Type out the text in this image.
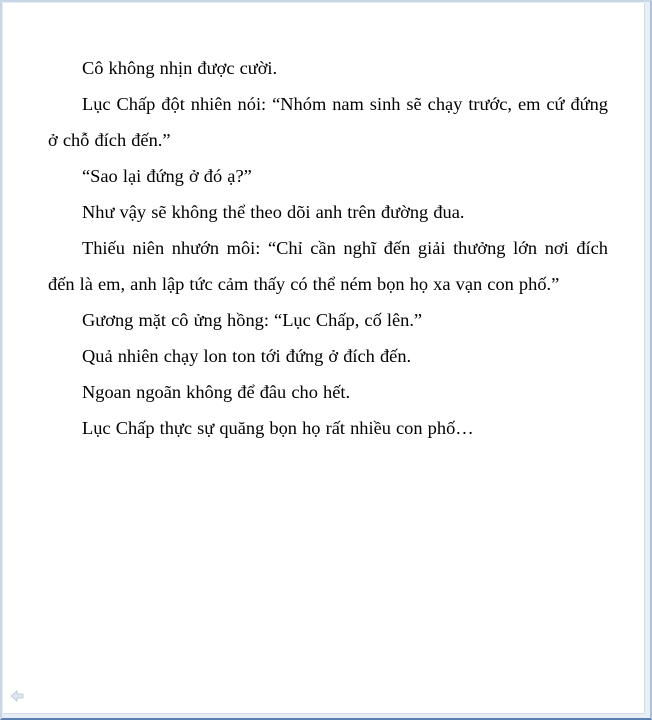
Cô không nhịn được cười.

Lục Chấp đột nhiên nói: “Nhóm nam sinh sẽ chạy trước, em cứ đứng ở chỗ đích đến.”

“Sao lại đứng ở đó ạ?”

Như vậy sẽ không thể theo dõi anh trên đường đua.

Thiếu niên nhướn môi: “Chỉ cần nghĩ đến giải thưởng lớn nơi đích đến là em, anh lập tức cảm thấy có thể ném bọn họ xa vạn con phố.”

Gương mặt cô ửng hồng: “Lục Chấp, cố lên.”

Quả nhiên chạy lon ton tới đứng ở đích đến.

Ngoan ngoãn không để đâu cho hết.

Lục Chấp thực sự quăng bọn họ rất nhiều con phố…
